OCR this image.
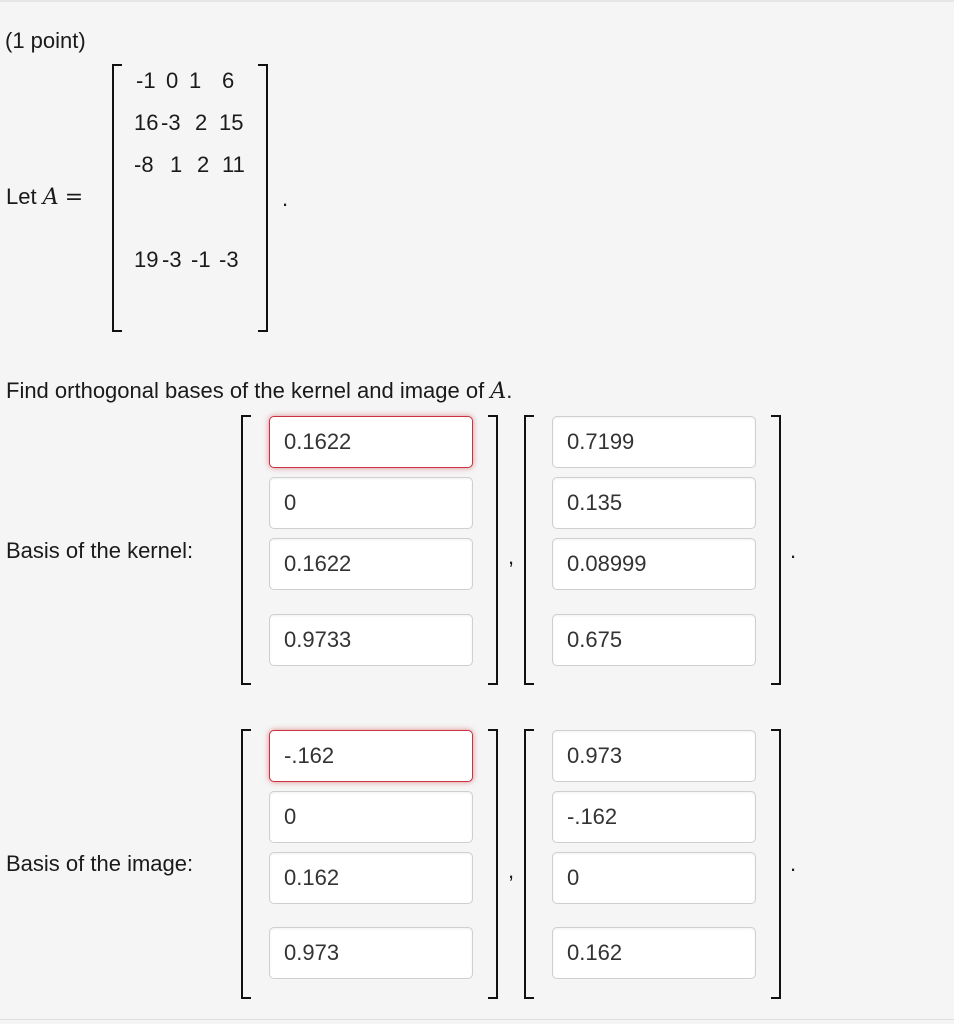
(1 point)
Let A =
-1 0 1 6
16 -3 2 15
-8 1 2 11
19 -3 -1 -3
.
Find orthogonal bases of the kernel and image of A.
Basis of the kernel:
0.1622
0
0.1622
0.9733	,
0.7199
0.135
0.08999
0.675	.
Basis of the image:
-.162
0
0.162
0.973	,
0.973
-.162
0
0.162	.
